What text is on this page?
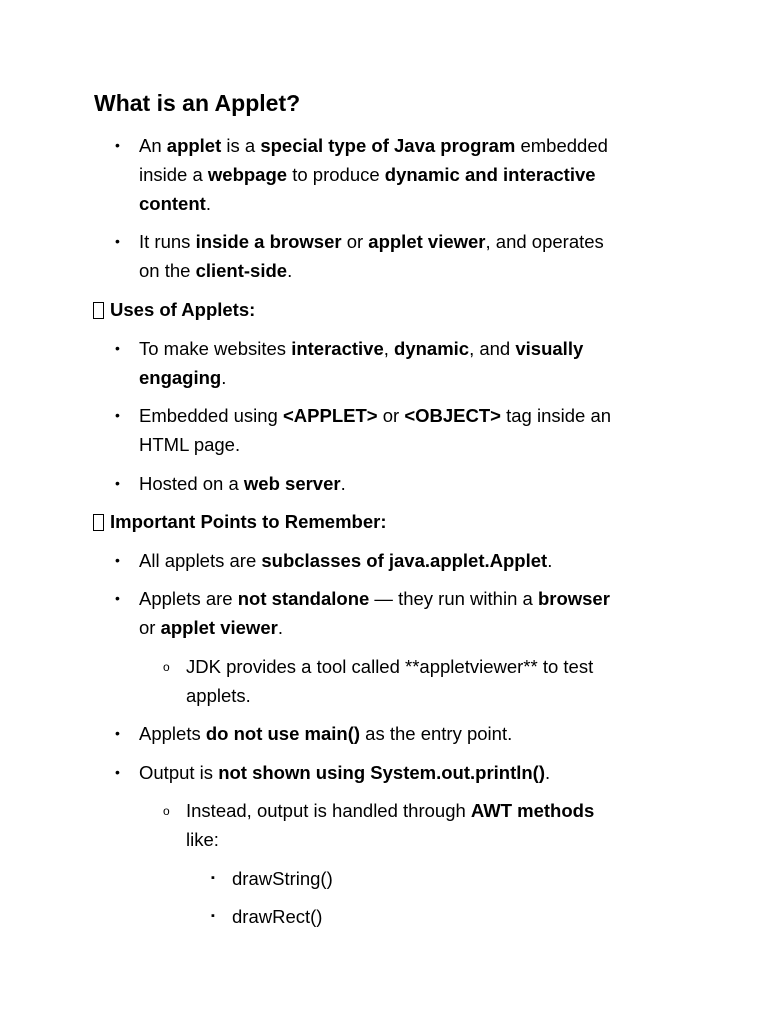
What is an Applet?
• An applet is a special type of Java program embedded
inside a webpage to produce dynamic and interactive
content.
• It runs inside a browser or applet viewer, and operates
on the client-side.
Uses of Applets:
• To make websites interactive, dynamic, and visually
engaging.
• Embedded using <APPLET> or <OBJECT> tag inside an
HTML page.
• Hosted on a web server.
Important Points to Remember:
• All applets are subclasses of java.applet.Applet.
• Applets are not standalone — they run within a browser
or applet viewer.
o JDK provides a tool called **appletviewer** to test
applets.
• Applets do not use main() as the entry point.
• Output is not shown using System.out.println().
o Instead, output is handled through AWT methods
like:
▪ drawString()
▪ drawRect()
